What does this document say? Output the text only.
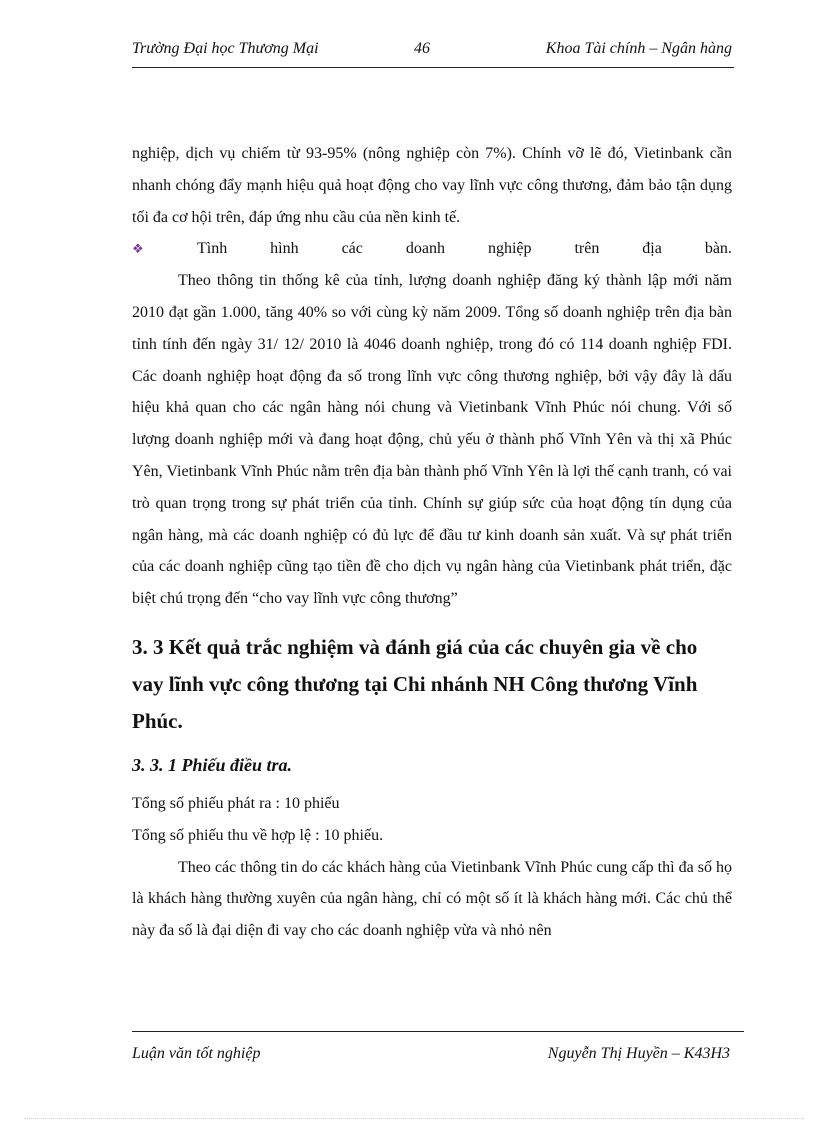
Trường Đại học Thương Mại	46	Khoa Tài chính – Ngân hàng

nghiệp, dịch vụ chiếm từ 93-95% (nông nghiệp còn 7%). Chính vỡ lẽ đó, Vietinbank cần nhanh chóng đẩy mạnh hiệu quả hoạt động cho vay lĩnh vực công thương, đảm bảo tận dụng tối đa cơ hội trên, đáp ứng nhu cầu của nền kinh tế.

❖	Tình	hình	các	doanh	nghiệp	trên	địa	bàn.

Theo thông tin thống kê của tỉnh, lượng doanh nghiệp đăng ký thành lập mới năm 2010 đạt gần 1.000, tăng 40% so với cùng kỳ năm 2009. Tổng số doanh nghiệp trên địa bàn tỉnh tính đến ngày 31/ 12/ 2010 là 4046 doanh nghiệp, trong đó có 114 doanh nghiệp FDI. Các doanh nghiệp hoạt động đa số trong lĩnh vực công thương nghiệp, bởi vậy đây là dấu hiệu khả quan cho các ngân hàng nói chung và Vietinbank Vĩnh Phúc nói chung. Với số lượng doanh nghiệp mới và đang hoạt động, chủ yếu ở thành phố Vĩnh Yên và thị xã Phúc Yên, Vietinbank Vĩnh Phúc nằm trên địa bàn thành phố Vĩnh Yên là lợi thế cạnh tranh, có vai trò quan trọng trong sự phát triển của tỉnh. Chính sự giúp sức của hoạt động tín dụng của ngân hàng, mà các doanh nghiệp có đủ lực để đầu tư kinh doanh sản xuất. Và sự phát triển của các doanh nghiệp cũng tạo tiền đề cho dịch vụ ngân hàng của Vietinbank phát triển, đặc biệt chú trọng đến “cho vay lĩnh vực công thương”

3. 3 Kết quả trắc nghiệm và đánh giá của các chuyên gia về cho vay lĩnh vực công thương tại Chi nhánh NH Công thương Vĩnh Phúc.
3. 3. 1 Phiếu điều tra.

Tổng số phiếu phát ra : 10 phiếu

Tổng số phiếu thu về hợp lệ : 10 phiếu.

Theo các thông tin do các khách hàng của Vietinbank Vĩnh Phúc cung cấp thì đa số họ là khách hàng thường xuyên của ngân hàng, chỉ có một số ít là khách hàng mới. Các chủ thể này đa số là đại diện đi vay cho các doanh nghiệp vừa và nhỏ nên

Luận văn tốt nghiệp	Nguyễn Thị Huyền – K43H3
